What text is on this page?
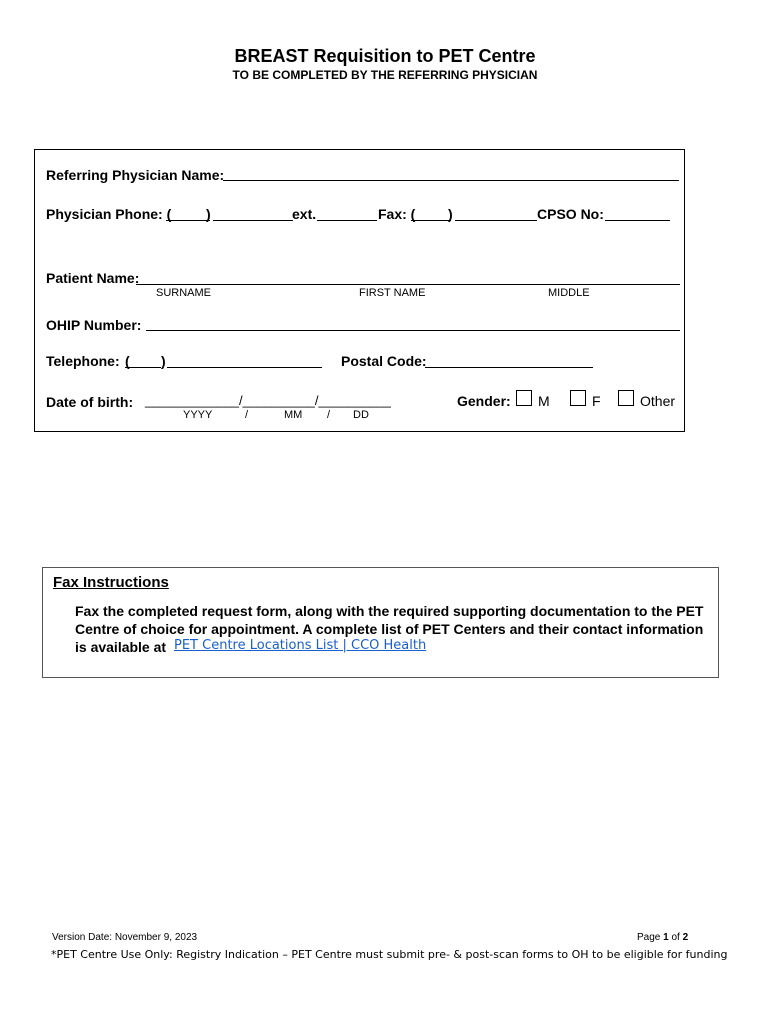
BREAST Requisition to PET Centre
TO BE COMPLETED BY THE REFERRING PHYSICIAN
Referring Physician Name:
Physician Phone: ( )	ext.	Fax: ( )	CPSO No:
Patient Name:
SURNAME	FIRST NAME	MIDDLE
OHIP Number:
Telephone: ( )	Postal Code:
Date of birth: _____________/__________/__________
YYYY	/	MM / DD
Gender: M	F	Other
Fax Instructions
Fax the completed request form, along with the required supporting documentation to the PET
Centre of choice for appointment. A complete list of PET Centers and their contact information
is available at PET Centre Locations List | CCO Health
Version Date: November 9, 2023	Page 1 of 2
*PET Centre Use Only: Registry Indication – PET Centre must submit pre- & post-scan forms to OH to be eligible for funding
